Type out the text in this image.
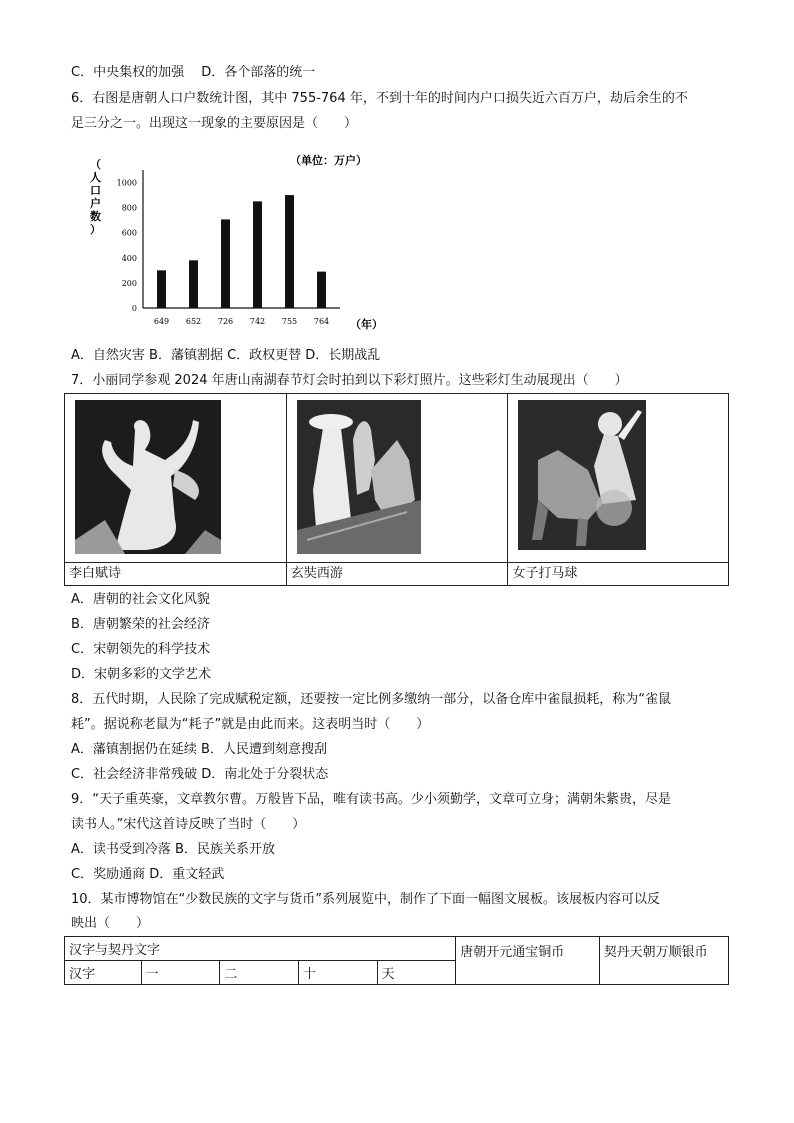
C．中央集权的加强　 D．各个部落的统一
6．右图是唐朝人口户数统计图，其中 755-764 年，不到十年的时间内户口损失近六百万户，劫后余生的不
足三分之一。出现这一现象的主要原因是（　　）
（单位：万户）
（人口户数）
（年）
0
200
400
600
800
1000
649 652 726 742 755 764
A．自然灾害 B．藩镇割据 C．政权更替 D．长期战乱
7．小丽同学参观 2024 年唐山南湖春节灯会时拍到以下彩灯照片。这些彩灯生动展现出（　　）

李白赋诗	玄奘西游	女子打马球
A．唐朝的社会文化风貌
B．唐朝繁荣的社会经济
C．宋朝领先的科学技术
D．宋朝多彩的文学艺术
8．五代时期，人民除了完成赋税定额，还要按一定比例多缴纳一部分，以备仓库中雀鼠损耗，称为“雀鼠
耗”。据说称老鼠为“耗子”就是由此而来。这表明当时（　　）
A．藩镇割据仍在延续 B．人民遭到刻意搜刮
C．社会经济非常残破 D．南北处于分裂状态
9．“天子重英豪，文章教尔曹。万般皆下品，唯有读书高。少小须勤学，文章可立身；满朝朱紫贵，尽是
读书人。”宋代这首诗反映了当时（　　）
A．读书受到冷落 B．民族关系开放
C．奖励通商 D．重文轻武
10．某市博物馆在“少数民族的文字与货币”系列展览中，制作了下面一幅图文展板。该展板内容可以反
映出（　　）
汉字与契丹文字					唐朝开元通宝铜币	契丹天朝万顺银币
汉字	一	二	十	天		
